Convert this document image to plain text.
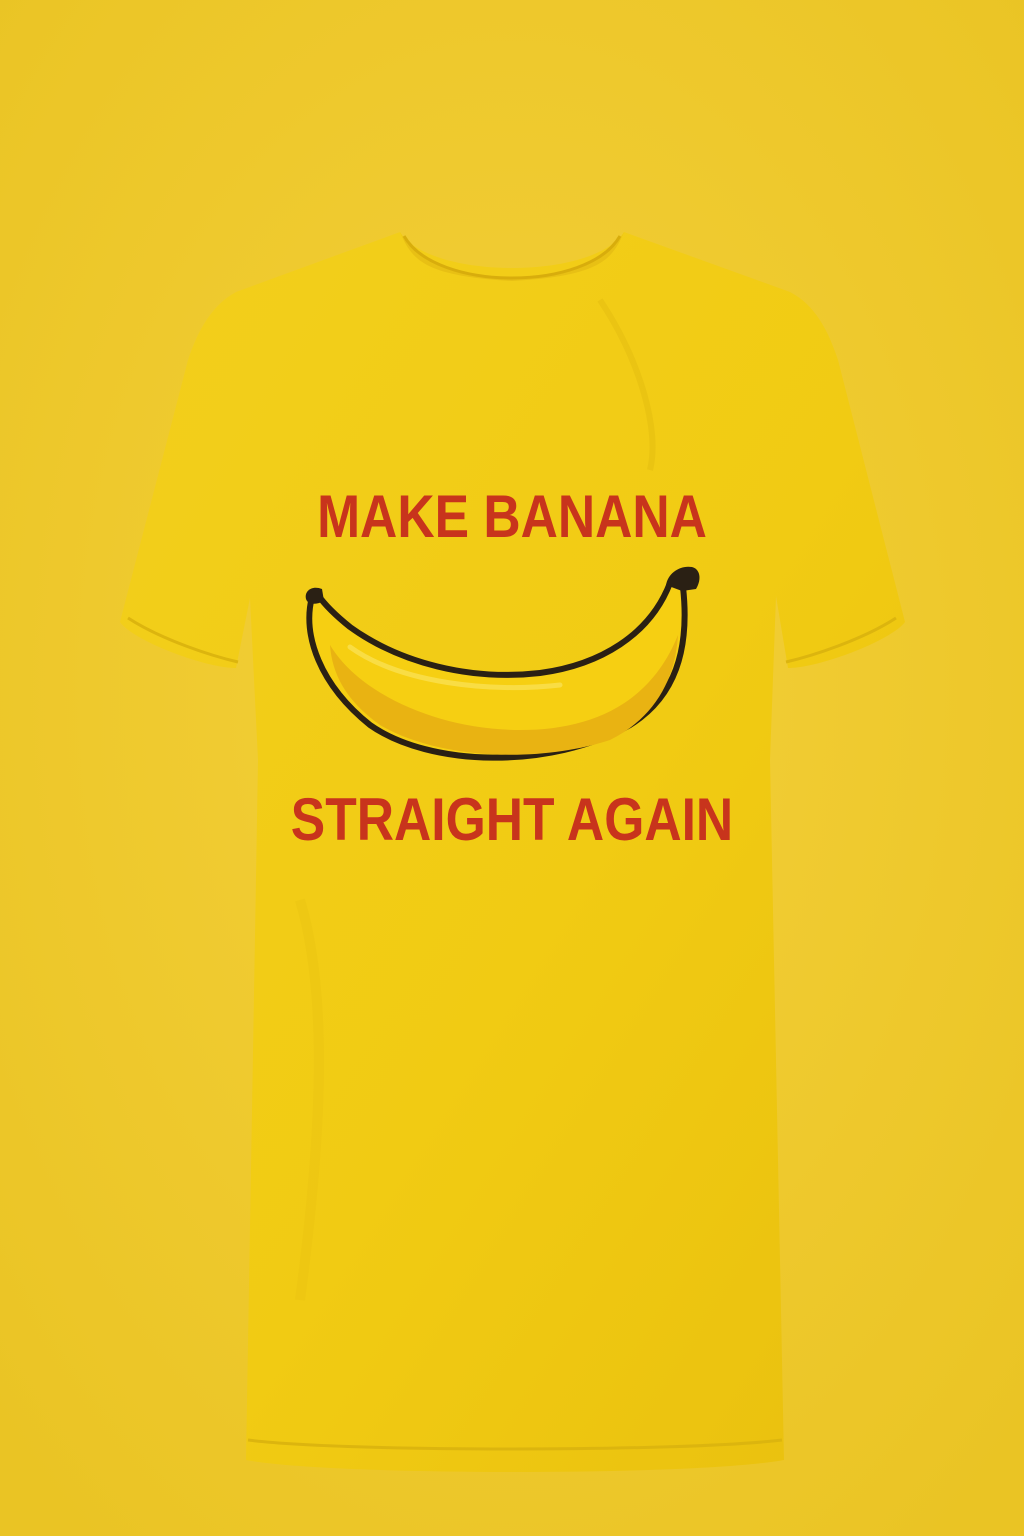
MAKE BANANA
STRAIGHT AGAIN
